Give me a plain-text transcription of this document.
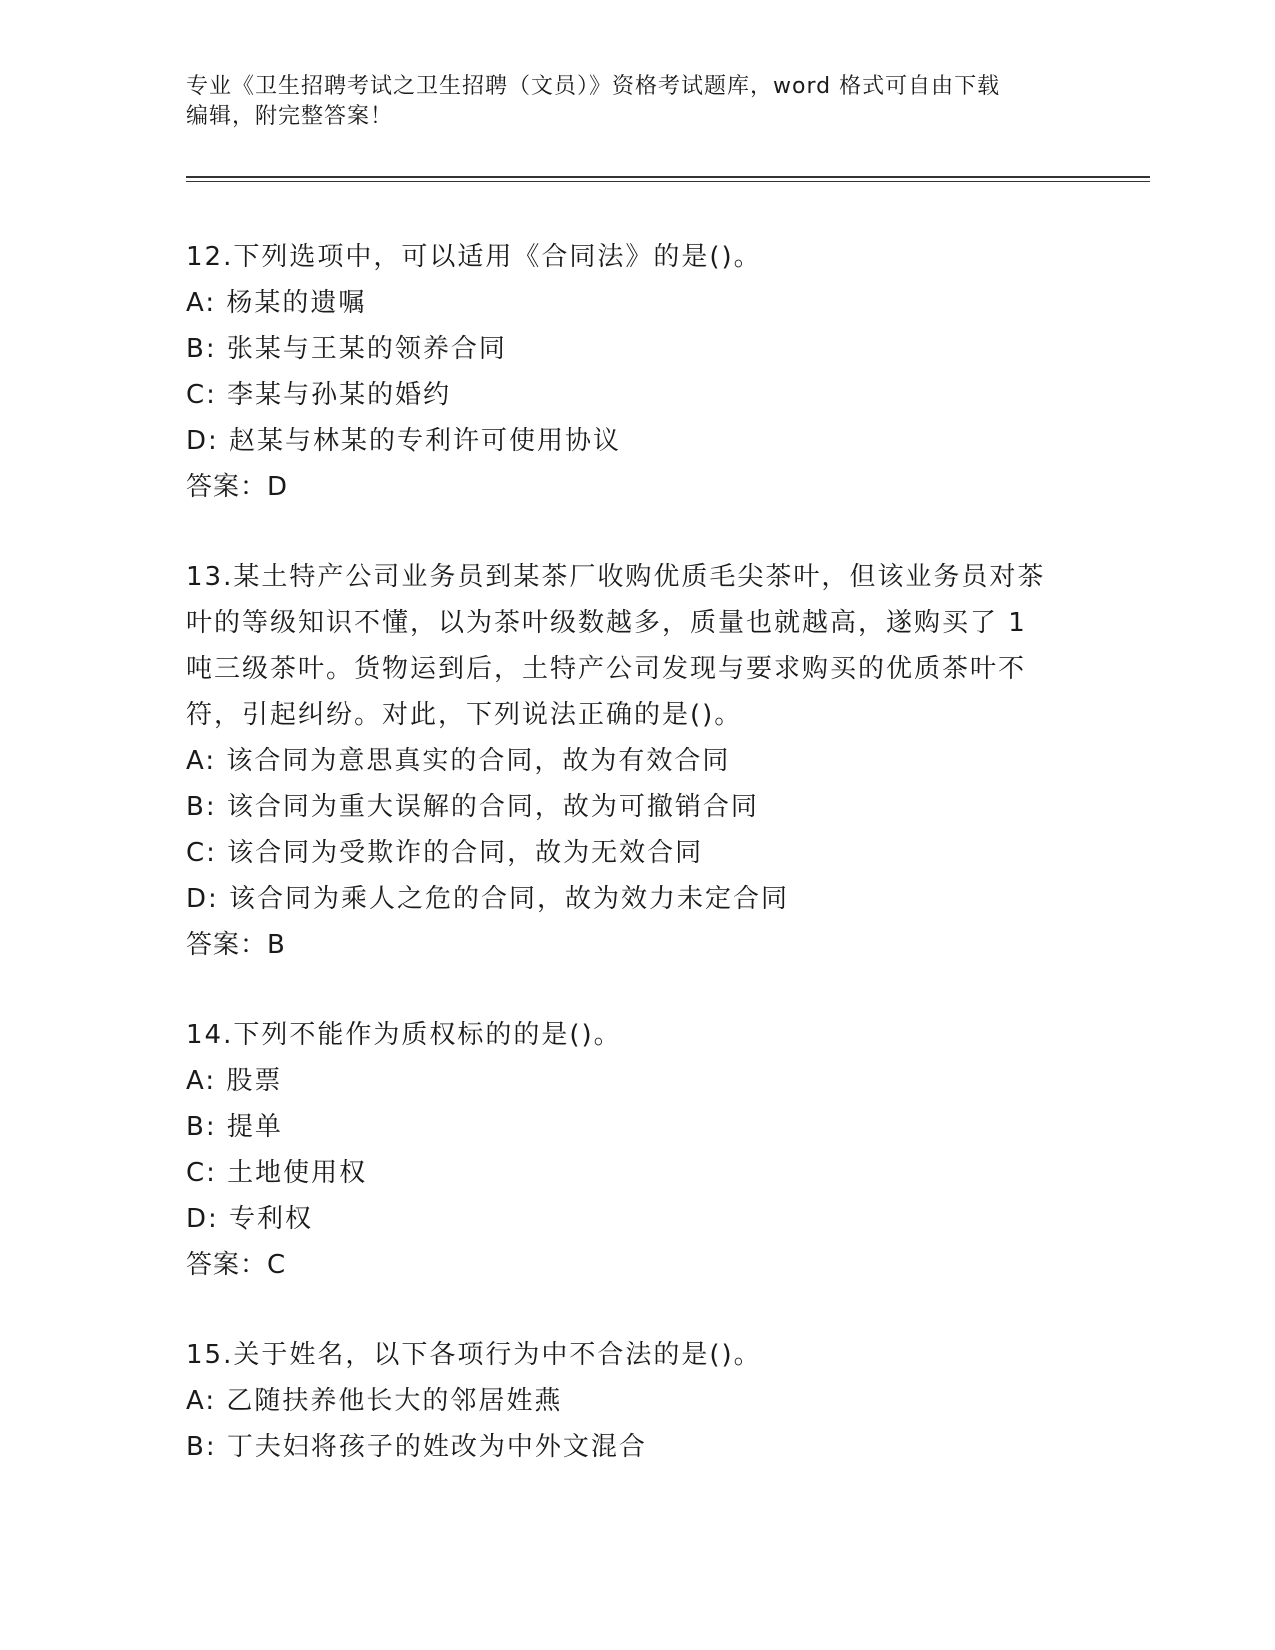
专业《卫生招聘考试之卫生招聘（文员）》资格考试题库，word 格式可自由下载
编辑，附完整答案！
12.下列选项中，可以适用《合同法》的是()。
A: 杨某的遗嘱
B: 张某与王某的领养合同
C: 李某与孙某的婚约
D: 赵某与林某的专利许可使用协议
答案：D
13.某土特产公司业务员到某茶厂收购优质毛尖茶叶，但该业务员对茶
叶的等级知识不懂，以为茶叶级数越多，质量也就越高，遂购买了 1
吨三级茶叶。货物运到后，土特产公司发现与要求购买的优质茶叶不
符，引起纠纷。对此，下列说法正确的是()。
A: 该合同为意思真实的合同，故为有效合同
B: 该合同为重大误解的合同，故为可撤销合同
C: 该合同为受欺诈的合同，故为无效合同
D: 该合同为乘人之危的合同，故为效力未定合同
答案：B
14.下列不能作为质权标的的是()。
A: 股票
B: 提单
C: 土地使用权
D: 专利权
答案：C
15.关于姓名，以下各项行为中不合法的是()。
A: 乙随扶养他长大的邻居姓燕
B: 丁夫妇将孩子的姓改为中外文混合
